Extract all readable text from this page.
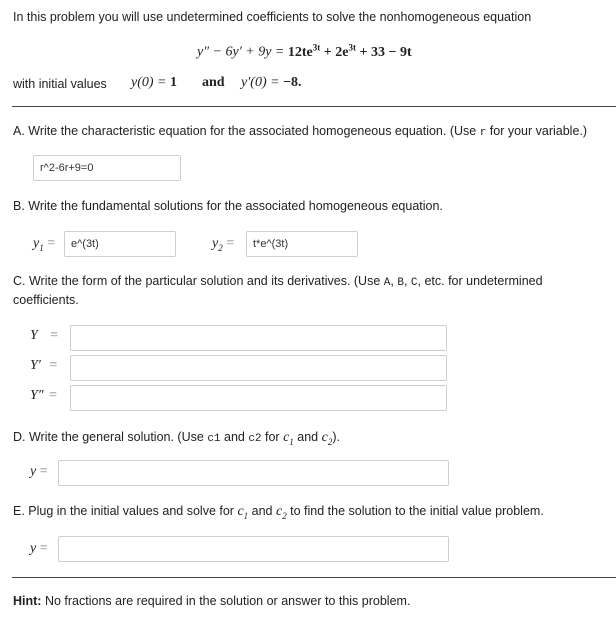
In this problem you will use undetermined coefficients to solve the nonhomogeneous equation
$y'' - 6y' + 9y = 12te^{3t} + 2e^{3t} + 33 - 9t$
with initial values y(0) = 1 and y′(0) = −8.
A. Write the characteristic equation for the associated homogeneous equation. (Use r for your variable.)
r^2-6r+9=0
B. Write the fundamental solutions for the associated homogeneous equation.
$y_1$ =	e^(3t)	$y_2$ =	t*e^(3t)
C. Write the form of the particular solution and its derivatives. (Use A, B, C, etc. for undetermined
coefficients.
Y =
Y′ =
Y″ =
D. Write the general solution. (Use c1 and c2 for $c_1$ and $c_2$).
y =
E. Plug in the initial values and solve for $c_1$ and $c_2$ to find the solution to the initial value problem.
y =
Hint: No fractions are required in the solution or answer to this problem.
